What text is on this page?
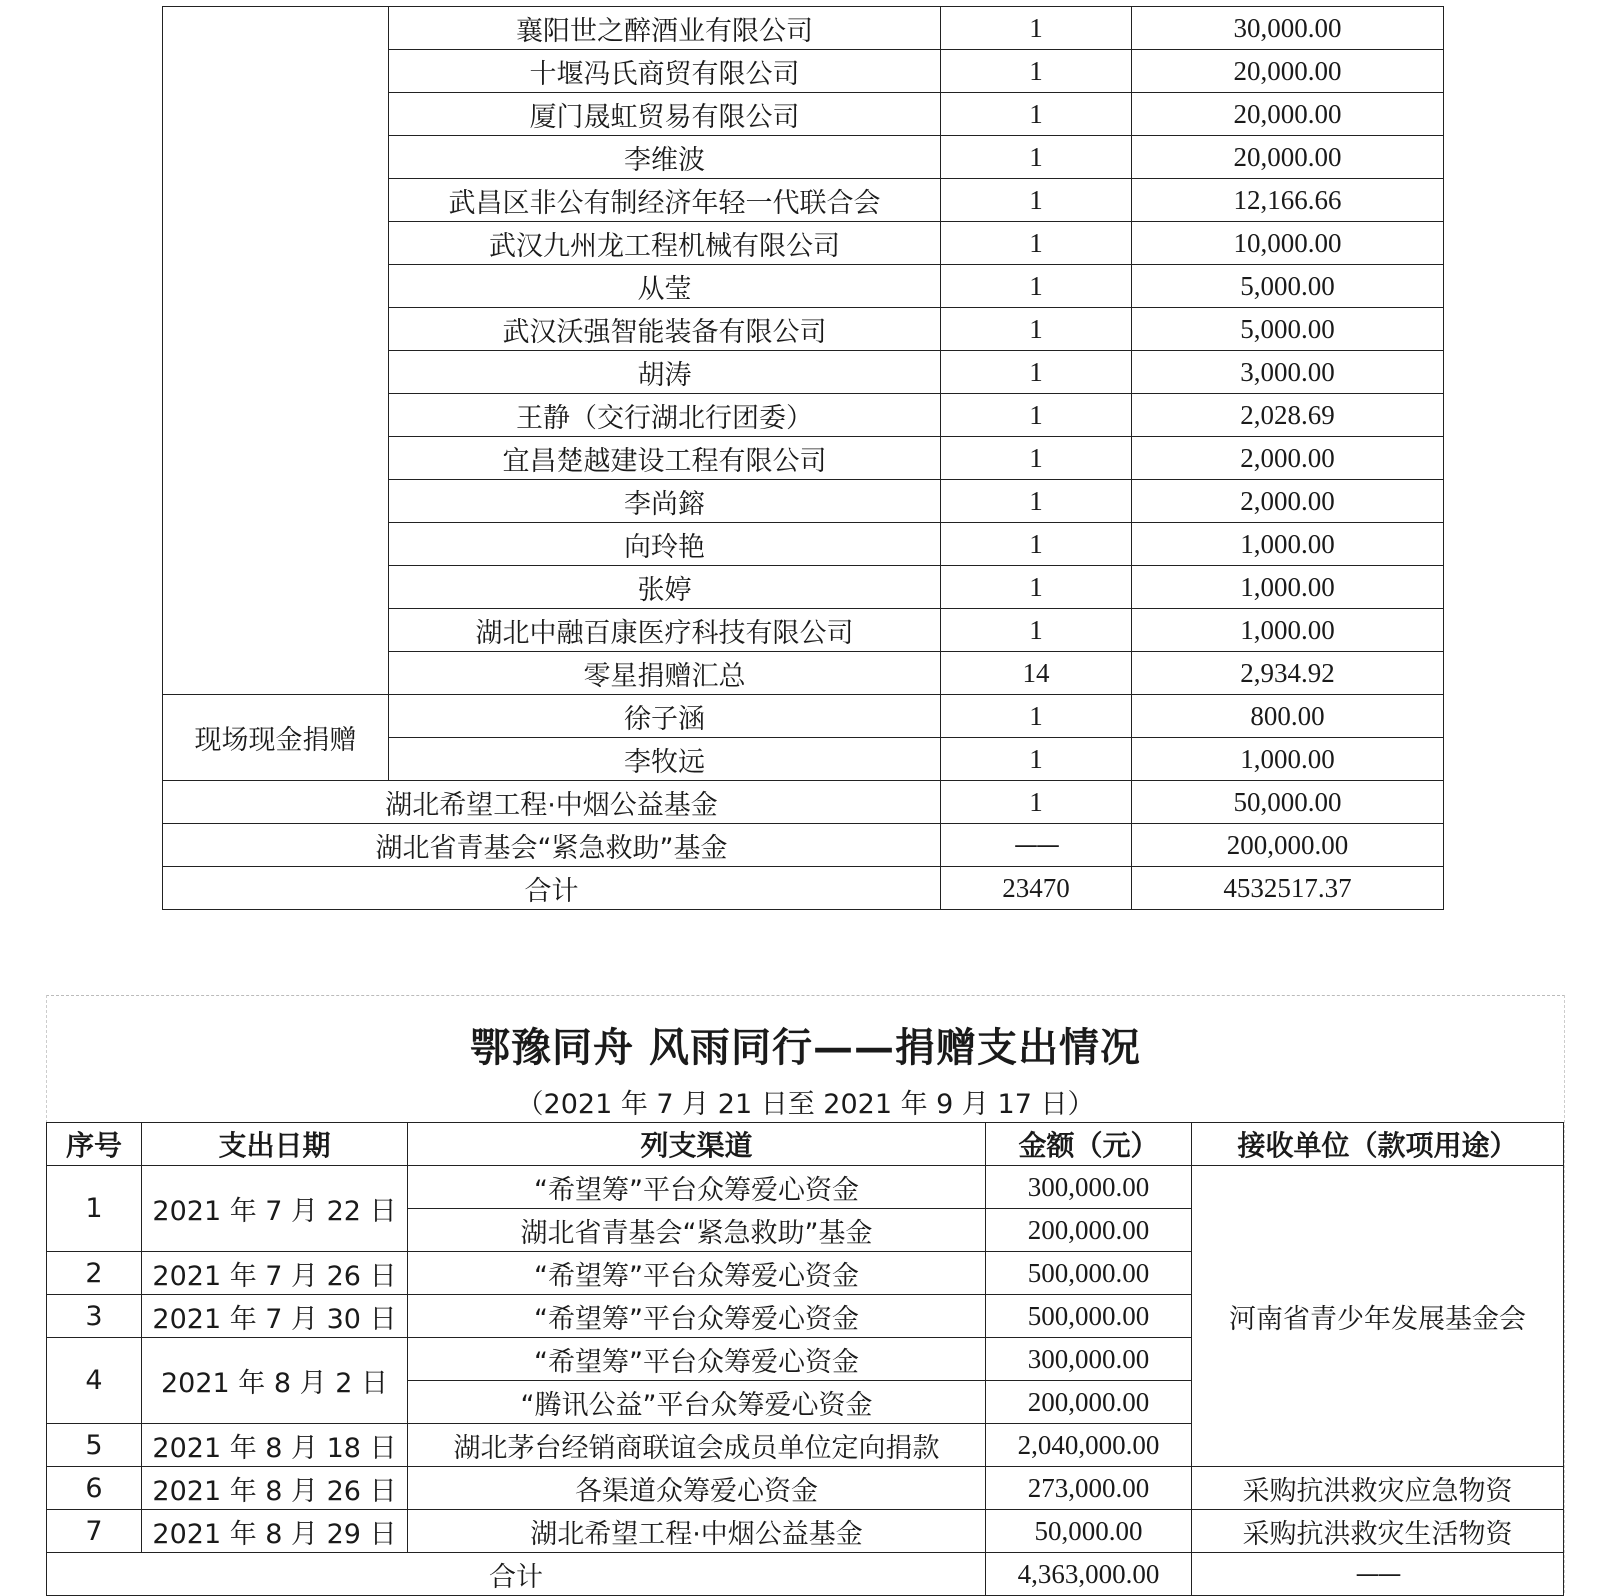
	襄阳世之醉酒业有限公司	1	30,000.00
	十堰冯氏商贸有限公司	1	20,000.00
	厦门晟虹贸易有限公司	1	20,000.00
	李维波	1	20,000.00
	武昌区非公有制经济年轻一代联合会	1	12,166.66
	武汉九州龙工程机械有限公司	1	10,000.00
	从莹	1	5,000.00
	武汉沃强智能装备有限公司	1	5,000.00
	胡涛	1	3,000.00
	王静（交行湖北行团委）	1	2,028.69
	宜昌楚越建设工程有限公司	1	2,000.00
	李尚鎔	1	2,000.00
	向玲艳	1	1,000.00
	张婷	1	1,000.00
	湖北中融百康医疗科技有限公司	1	1,000.00
	零星捐赠汇总	14	2,934.92
现场现金捐赠	徐子涵	1	800.00
	李牧远	1	1,000.00
湖北希望工程·中烟公益基金		1	50,000.00
湖北省青基会“紧急救助”基金		——	200,000.00
合计		23470	4532517.37
鄂豫同舟 风雨同行——捐赠支出情况
（2021 年 7 月 21 日至 2021 年 9 月 17 日）
序号	支出日期	列支渠道	金额（元）	接收单位（款项用途）
1	2021 年 7 月 22 日	“希望筹”平台众筹爱心资金	300,000.00	河南省青少年发展基金会
		湖北省青基会“紧急救助”基金	200,000.00	
2	2021 年 7 月 26 日	“希望筹”平台众筹爱心资金	500,000.00	
3	2021 年 7 月 30 日	“希望筹”平台众筹爱心资金	500,000.00	
4	2021 年 8 月 2 日	“希望筹”平台众筹爱心资金	300,000.00	
		“腾讯公益”平台众筹爱心资金	200,000.00	
5	2021 年 8 月 18 日	湖北茅台经销商联谊会成员单位定向捐款	2,040,000.00	
6	2021 年 8 月 26 日	各渠道众筹爱心资金	273,000.00	采购抗洪救灾应急物资
7	2021 年 8 月 29 日	湖北希望工程·中烟公益基金	50,000.00	采购抗洪救灾生活物资
合计			4,363,000.00	——
